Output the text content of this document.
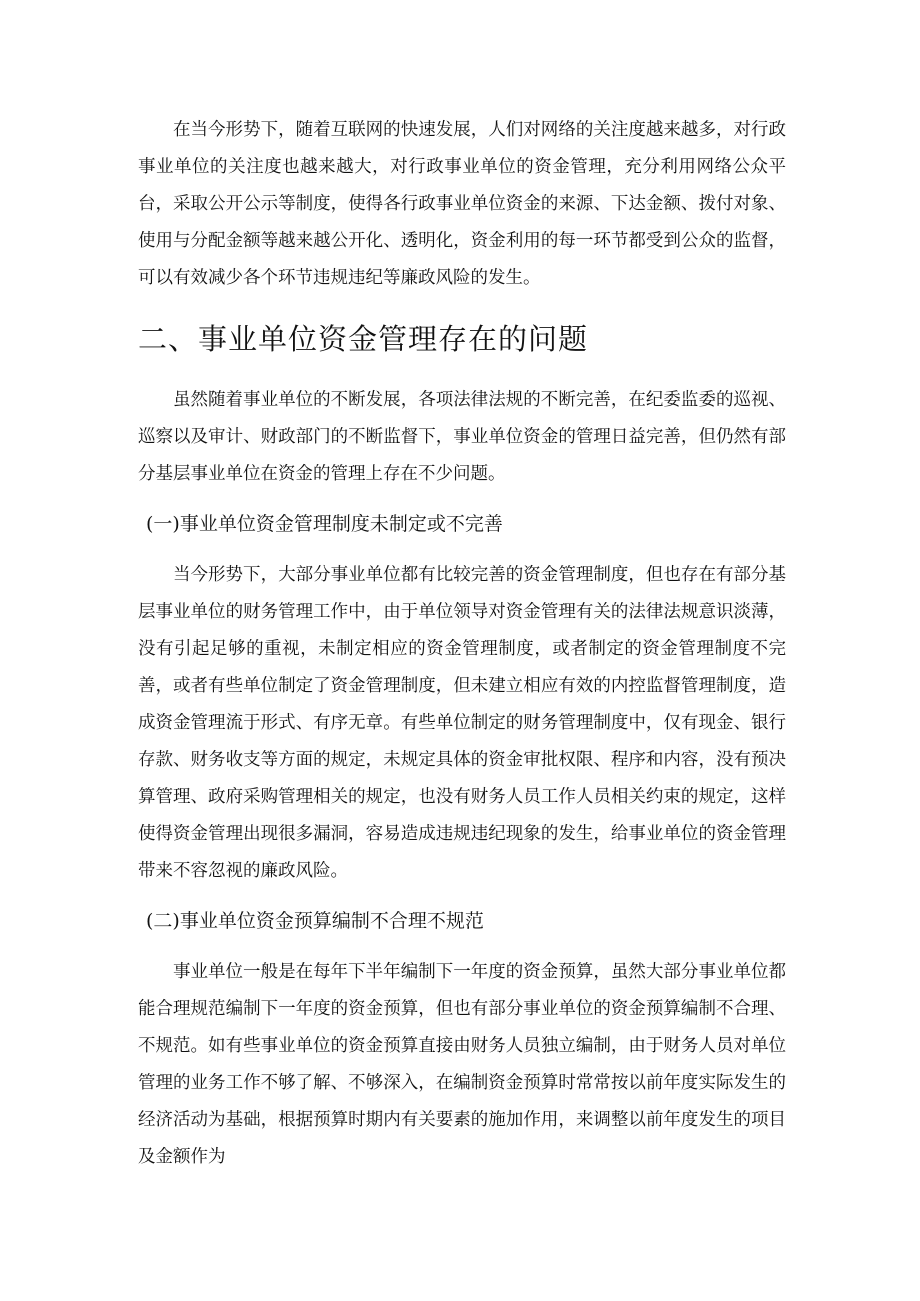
在当今形势下，随着互联网的快速发展，人们对网络的关注度越来越多，对行政事业单位的关注度也越来越大，对行政事业单位的资金管理，充分利用网络公众平台，采取公开公示等制度，使得各行政事业单位资金的来源、下达金额、拨付对象、使用与分配金额等越来越公开化、透明化，资金利用的每一环节都受到公众的监督，可以有效减少各个环节违规违纪等廉政风险的发生。

二、事业单位资金管理存在的问题

虽然随着事业单位的不断发展，各项法律法规的不断完善，在纪委监委的巡视、巡察以及审计、财政部门的不断监督下，事业单位资金的管理日益完善，但仍然有部分基层事业单位在资金的管理上存在不少问题。

(一)事业单位资金管理制度未制定或不完善

当今形势下，大部分事业单位都有比较完善的资金管理制度，但也存在有部分基层事业单位的财务管理工作中，由于单位领导对资金管理有关的法律法规意识淡薄，没有引起足够的重视，未制定相应的资金管理制度，或者制定的资金管理制度不完善，或者有些单位制定了资金管理制度，但未建立相应有效的内控监督管理制度，造成资金管理流于形式、有序无章。有些单位制定的财务管理制度中，仅有现金、银行存款、财务收支等方面的规定，未规定具体的资金审批权限、程序和内容，没有预决算管理、政府采购管理相关的规定，也没有财务人员工作人员相关约束的规定，这样使得资金管理出现很多漏洞，容易造成违规违纪现象的发生，给事业单位的资金管理带来不容忽视的廉政风险。

(二)事业单位资金预算编制不合理不规范

事业单位一般是在每年下半年编制下一年度的资金预算，虽然大部分事业单位都能合理规范编制下一年度的资金预算，但也有部分事业单位的资金预算编制不合理、不规范。如有些事业单位的资金预算直接由财务人员独立编制，由于财务人员对单位管理的业务工作不够了解、不够深入，在编制资金预算时常常按以前年度实际发生的经济活动为基础，根据预算时期内有关要素的施加作用，来调整以前年度发生的项目及金额作为
